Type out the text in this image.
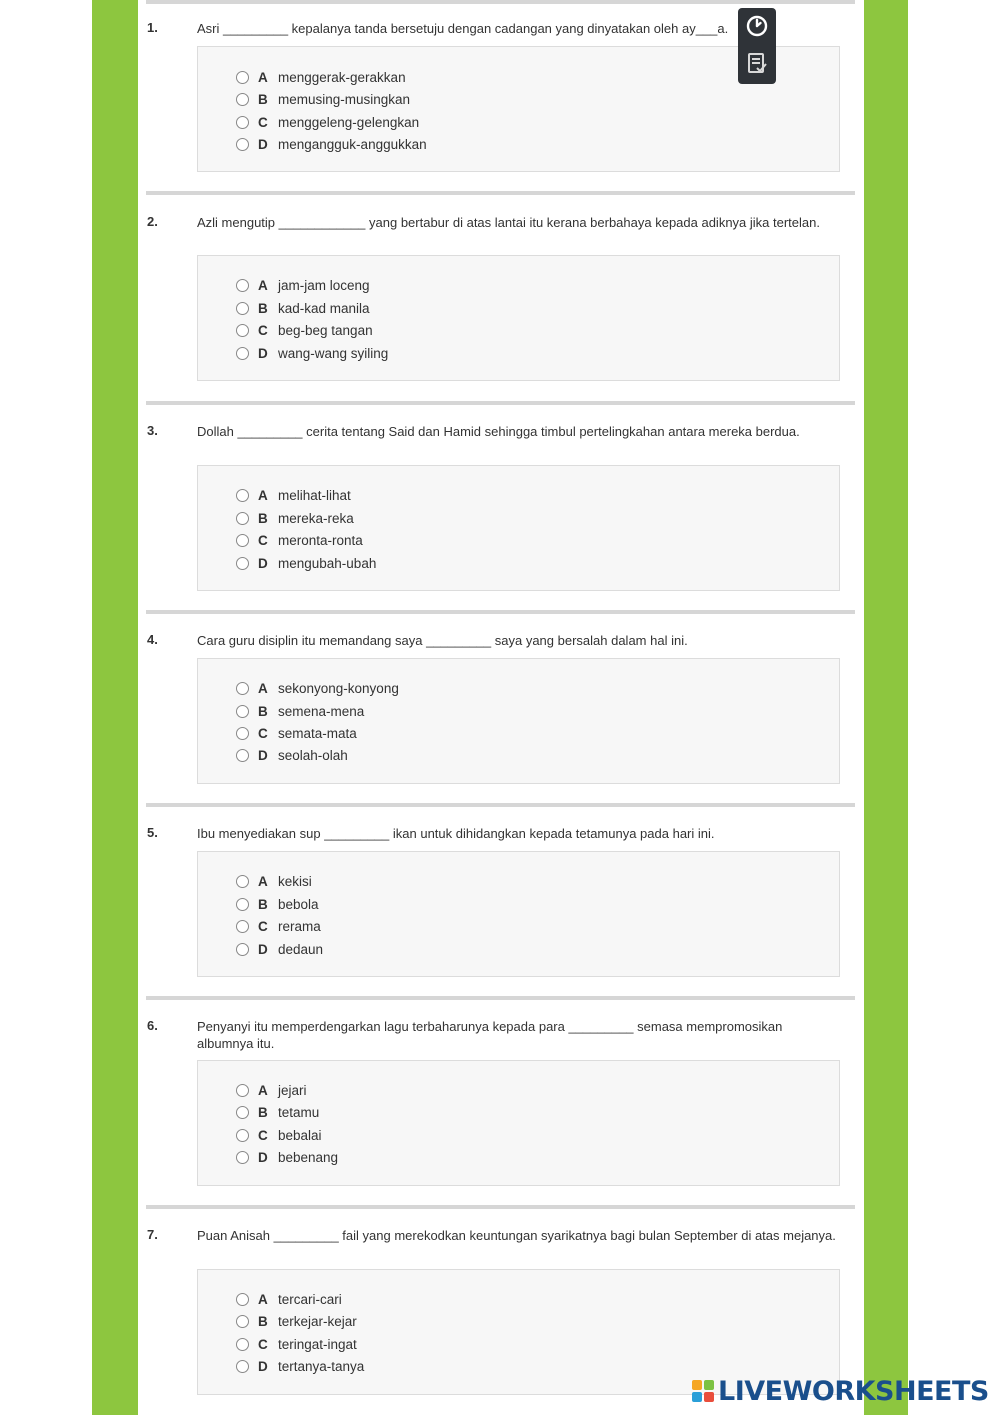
1.	Asri _________ kepalanya tanda bersetuju dengan cadangan yang dinyatakan oleh ay___a.
A menggerak-gerakkan
B memusing-musingkan
C menggeleng-gelengkan
D mengangguk-anggukkan
2.	Azli mengutip ____________ yang bertabur di atas lantai itu kerana berbahaya kepada adiknya jika tertelan.
A jam-jam loceng
B kad-kad manila
C beg-beg tangan
D wang-wang syiling
3.	Dollah _________ cerita tentang Said dan Hamid sehingga timbul pertelingkahan antara mereka berdua.
A melihat-lihat
B mereka-reka
C meronta-ronta
D mengubah-ubah
4.	Cara guru disiplin itu memandang saya _________ saya yang bersalah dalam hal ini.
A sekonyong-konyong
B semena-mena
C semata-mata
D seolah-olah
5.	Ibu menyediakan sup _________ ikan untuk dihidangkan kepada tetamunya pada hari ini.
A kekisi
B bebola
C rerama
D dedaun
6.	Penyanyi itu memperdengarkan lagu terbaharunya kepada para _________ semasa mempromosikan albumnya itu.
A jejari
B tetamu
C bebalai
D bebenang
7.	Puan Anisah _________ fail yang merekodkan keuntungan syarikatnya bagi bulan September di atas mejanya.
A tercari-cari
B terkejar-kejar
C teringat-ingat
D tertanya-tanya
LIVEWORKSHEETS
